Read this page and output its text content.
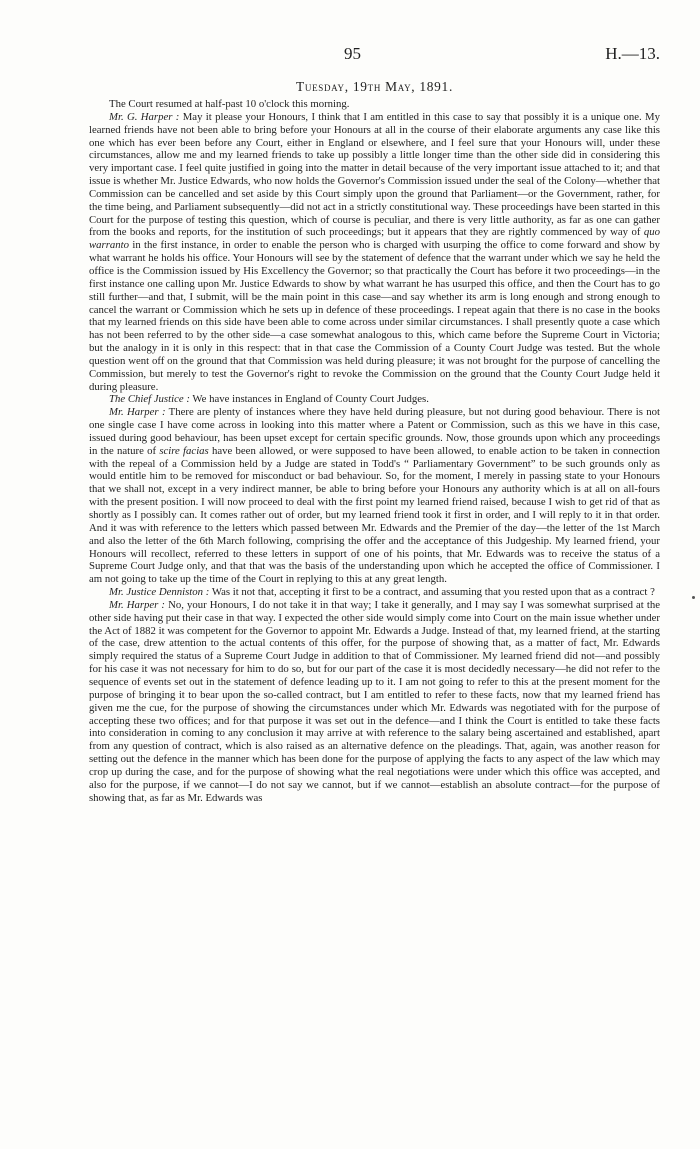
95	H.—13.
Tuesday, 19th May, 1891.

The Court resumed at half-past 10 o'clock this morning.

Mr. G. Harper : May it please your Honours, I think that I am entitled in this case to say that possibly it is a unique one. My learned friends have not been able to bring before your Honours at all in the course of their elaborate arguments any case like this one which has ever been before any Court, either in England or elsewhere, and I feel sure that your Honours will, under these circumstances, allow me and my learned friends to take up possibly a little longer time than the other side did in considering this very important case. I feel quite justified in going into the matter in detail because of the very important issue attached to it; and that issue is whether Mr. Justice Edwards, who now holds the Governor's Commission issued under the seal of the Colony—whether that Commission can be cancelled and set aside by this Court simply upon the ground that Parliament—or the Government, rather, for the time being, and Parliament subsequently—did not act in a strictly constitutional way. These proceedings have been started in this Court for the purpose of testing this question, which of course is peculiar, and there is very little authority, as far as one can gather from the books and reports, for the institution of such proceedings; but it appears that they are rightly commenced by way of quo warranto in the first instance, in order to enable the person who is charged with usurping the office to come forward and show by what warrant he holds his office. Your Honours will see by the statement of defence that the warrant under which we say he held the office is the Commission issued by His Excellency the Governor; so that practically the Court has before it two proceedings—in the first instance one calling upon Mr. Justice Edwards to show by what warrant he has usurped this office, and then the Court has to go still further—and that, I submit, will be the main point in this case—and say whether its arm is long enough and strong enough to cancel the warrant or Commission which he sets up in defence of these proceedings. I repeat again that there is no case in the books that my learned friends on this side have been able to come across under similar circumstances. I shall presently quote a case which has not been referred to by the other side—a case somewhat analogous to this, which came before the Supreme Court in Victoria; but the analogy in it is only in this respect: that in that case the Commission of a County Court Judge was tested. But the whole question went off on the ground that that Commission was held during pleasure; it was not brought for the purpose of cancelling the Commission, but merely to test the Governor's right to revoke the Commission on the ground that the County Court Judge held it during pleasure.

The Chief Justice : We have instances in England of County Court Judges.

Mr. Harper : There are plenty of instances where they have held during pleasure, but not during good behaviour. There is not one single case I have come across in looking into this matter where a Patent or Commission, such as this we have in this case, issued during good behaviour, has been upset except for certain specific grounds. Now, those grounds upon which any proceedings in the nature of scire facias have been allowed, or were supposed to have been allowed, to enable action to be taken in connection with the repeal of a Commission held by a Judge are stated in Todd's “ Parliamentary Government” to be such grounds only as would entitle him to be removed for misconduct or bad behaviour. So, for the moment, I merely in passing state to your Honours that we shall not, except in a very indirect manner, be able to bring before your Honours any authority which is at all on all-fours with the present position. I will now proceed to deal with the first point my learned friend raised, because I wish to get rid of that as shortly as I possibly can. It comes rather out of order, but my learned friend took it first in order, and I will reply to it in that order. And it was with reference to the letters which passed between Mr. Edwards and the Premier of the day—the letter of the 1st March and also the letter of the 6th March following, comprising the offer and the acceptance of this Judgeship. My learned friend, your Honours will recollect, referred to these letters in support of one of his points, that Mr. Edwards was to receive the status of a Supreme Court Judge only, and that that was the basis of the understanding upon which he accepted the office of Commissioner. I am not going to take up the time of the Court in replying to this at any great length.

Mr. Justice Denniston : Was it not that, accepting it first to be a contract, and assuming that you rested upon that as a contract ?

Mr. Harper : No, your Honours, I do not take it in that way; I take it generally, and I may say I was somewhat surprised at the other side having put their case in that way. I expected the other side would simply come into Court on the main issue whether under the Act of 1882 it was competent for the Governor to appoint Mr. Edwards a Judge. Instead of that, my learned friend, at the starting of the case, drew attention to the actual contents of this offer, for the purpose of showing that, as a matter of fact, Mr. Edwards simply required the status of a Supreme Court Judge in addition to that of Commissioner. My learned friend did not—and possibly for his case it was not necessary for him to do so, but for our part of the case it is most decidedly necessary—he did not refer to the sequence of events set out in the statement of defence leading up to it. I am not going to refer to this at the present moment for the purpose of bringing it to bear upon the so-called contract, but I am entitled to refer to these facts, now that my learned friend has given me the cue, for the purpose of showing the circumstances under which Mr. Edwards was negotiated with for the purpose of accepting these two offices; and for that purpose it was set out in the defence—and I think the Court is entitled to take these facts into consideration in coming to any conclusion it may arrive at with reference to the salary being ascertained and established, apart from any question of contract, which is also raised as an alternative defence on the pleadings. That, again, was another reason for setting out the defence in the manner which has been done for the purpose of applying the facts to any aspect of the law which may crop up during the case, and for the purpose of showing what the real negotiations were under which this office was accepted, and also for the purpose, if we cannot—I do not say we cannot, but if we cannot—establish an absolute contract—for the purpose of showing that, as far as Mr. Edwards was
